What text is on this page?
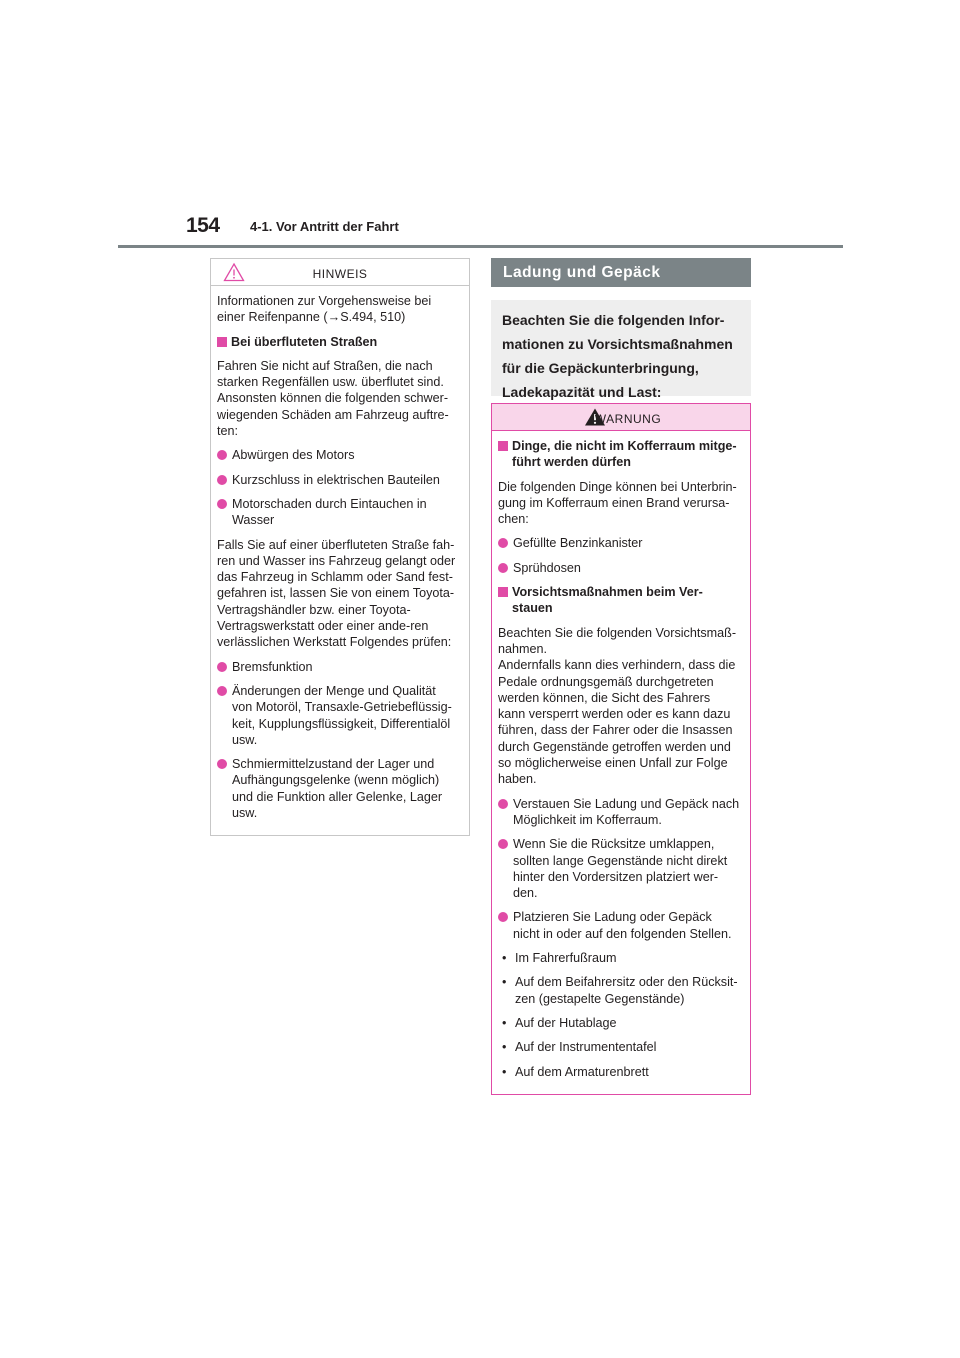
154 4-1. Vor Antritt der Fahrt
HINWEIS

Informationen zur Vorgehensweise bei einer Reifenpanne (→S.494, 510)

Bei überfluteten Straßen

Fahren Sie nicht auf Straßen, die nach starken Regenfällen usw. überflutet sind. Ansonsten können die folgenden schwer-wiegenden Schäden am Fahrzeug auftre-ten:

Abwürgen des Motors

Kurzschluss in elektrischen Bauteilen

Motorschaden durch Eintauchen in Wasser

Falls Sie auf einer überfluteten Straße fah-ren und Wasser ins Fahrzeug gelangt oder das Fahrzeug in Schlamm oder Sand fest-gefahren ist, lassen Sie von einem Toyota-Vertragshändler bzw. einer Toyota-Vertragswerkstatt oder einer ande-ren verlässlichen Werkstatt Folgendes prüfen:

Bremsfunktion

Änderungen der Menge und Qualität von Motoröl, Transaxle-Getriebeflüssig-keit, Kupplungsflüssigkeit, Differentialöl usw.

Schmiermittelzustand der Lager und Aufhängungsgelenke (wenn möglich) und die Funktion aller Gelenke, Lager usw.

Ladung und Gepäck
Beachten Sie die folgenden Infor-mationen zu Vorsichtsmaßnahmen für die Gepäckunterbringung, Ladekapazität und Last:
WARNUNG

Dinge, die nicht im Kofferraum mitge-führt werden dürfen

Die folgenden Dinge können bei Unterbrin-gung im Kofferraum einen Brand verursa-chen:

Gefüllte Benzinkanister

Sprühdosen

Vorsichtsmaßnahmen beim Ver-stauen

Beachten Sie die folgenden Vorsichtsmaß-nahmen.

Andernfalls kann dies verhindern, dass die Pedale ordnungsgemäß durchgetreten werden können, die Sicht des Fahrers kann versperrt werden oder es kann dazu führen, dass der Fahrer oder die Insassen durch Gegenstände getroffen werden und so möglicherweise einen Unfall zur Folge haben.

Verstauen Sie Ladung und Gepäck nach Möglichkeit im Kofferraum.

Wenn Sie die Rücksitze umklappen, sollten lange Gegenstände nicht direkt hinter den Vordersitzen platziert wer-den.

Platzieren Sie Ladung oder Gepäck nicht in oder auf den folgenden Stellen.

• Im Fahrerfußraum

• Auf dem Beifahrersitz oder den Rücksit-zen (gestapelte Gegenstände)

• Auf der Hutablage

• Auf der Instrumententafel

• Auf dem Armaturenbrett
